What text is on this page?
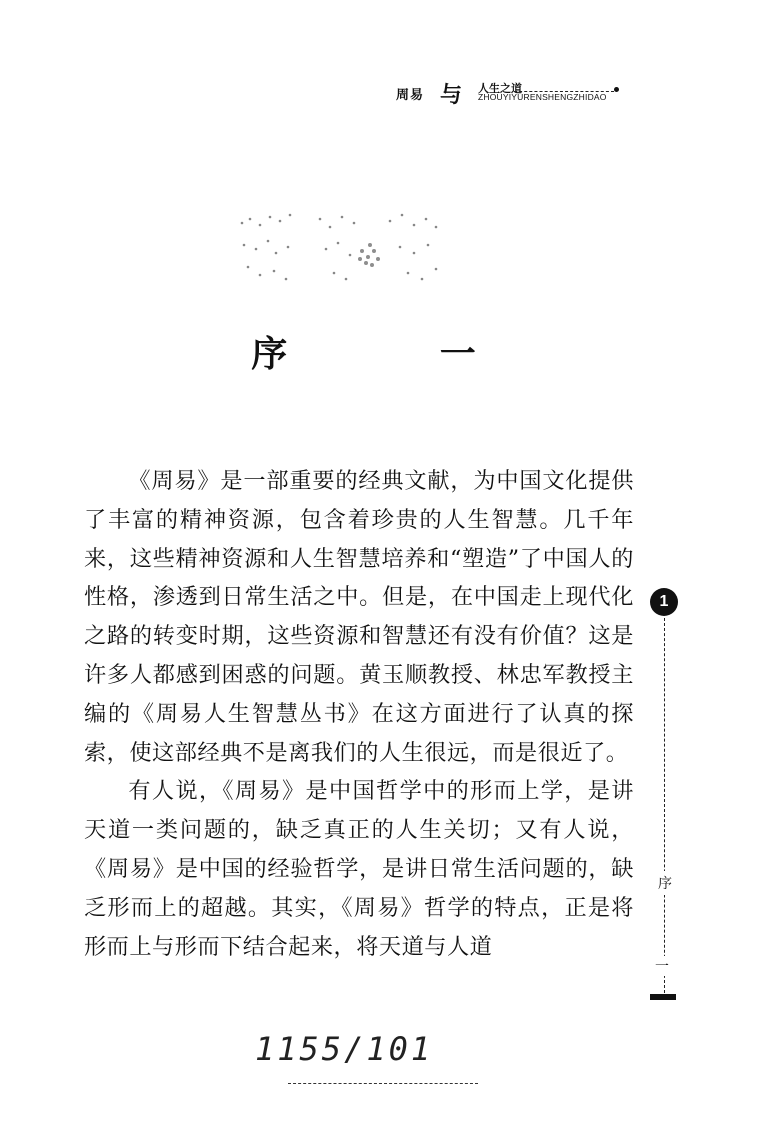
周易 与 人生之道
ZHOUYIYURENSHENGZHIDAO
序 一

《周易》是一部重要的经典文献，为中国文化提供了丰富的精神资源，包含着珍贵的人生智慧。几千年来，这些精神资源和人生智慧培养和“塑造”了中国人的性格，渗透到日常生活之中。但是，在中国走上现代化之路的转变时期，这些资源和智慧还有没有价值？这是许多人都感到困惑的问题。黄玉顺教授、林忠军教授主编的《周易人生智慧丛书》在这方面进行了认真的探索，使这部经典不是离我们的人生很远，而是很近了。

有人说，《周易》是中国哲学中的形而上学，是讲天道一类问题的，缺乏真正的人生关切；又有人说，《周易》是中国的经验哲学，是讲日常生活问题的，缺乏形而上的超越。其实，《周易》哲学的特点，正是将形而上与形而下结合起来，将天道与人道

1
序
一
1155/101
